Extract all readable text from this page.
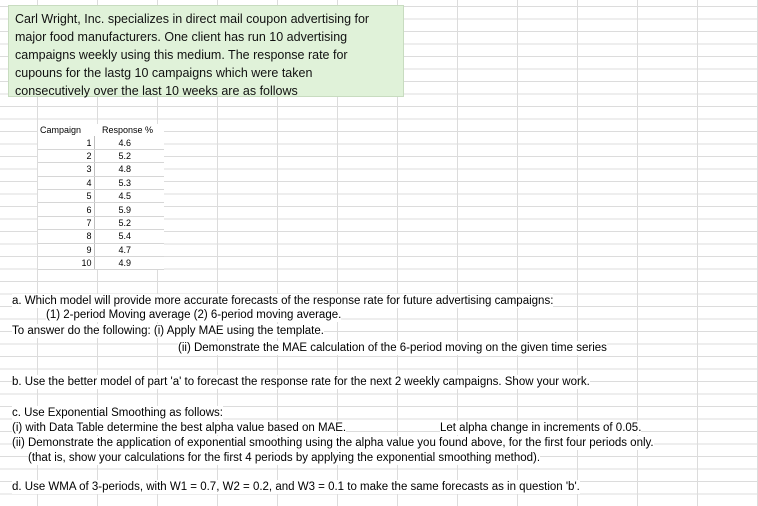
Carl Wright, Inc. specializes in direct mail coupon advertising for

major food manufacturers. One client has run 10 advertising

campaigns weekly using this medium. The response rate for

cupouns for the lastg 10 campaigns which were taken

consecutively over the last 10 weeks are as follows

Campaign	Response %
1	4.6
2	5.2
3	4.8
4	5.3
5	4.5
6	5.9
7	5.2
8	5.4
9	4.7
10	4.9

a. Which model will provide more accurate forecasts of the response rate for future advertising campaigns:

(1) 2-period Moving average (2) 6-period moving average.

To answer do the following: (i) Apply MAE using the template.

(ii) Demonstrate the MAE calculation of the 6-period moving on the given time series

b. Use the better model of part 'a' to forecast the response rate for the next 2 weekly campaigns. Show your work.

c. Use Exponential Smoothing as follows:

(i) with Data Table determine the best alpha value based on MAE.	Let alpha change in increments of 0.05.

(ii) Demonstrate the application of exponential smoothing using the alpha value you found above, for the first four periods only.

(that is, show your calculations for the first 4 periods by applying the exponential smoothing method).

d. Use WMA of 3-periods, with W1 = 0.7, W2 = 0.2, and W3 = 0.1 to make the same forecasts as in question 'b'.
